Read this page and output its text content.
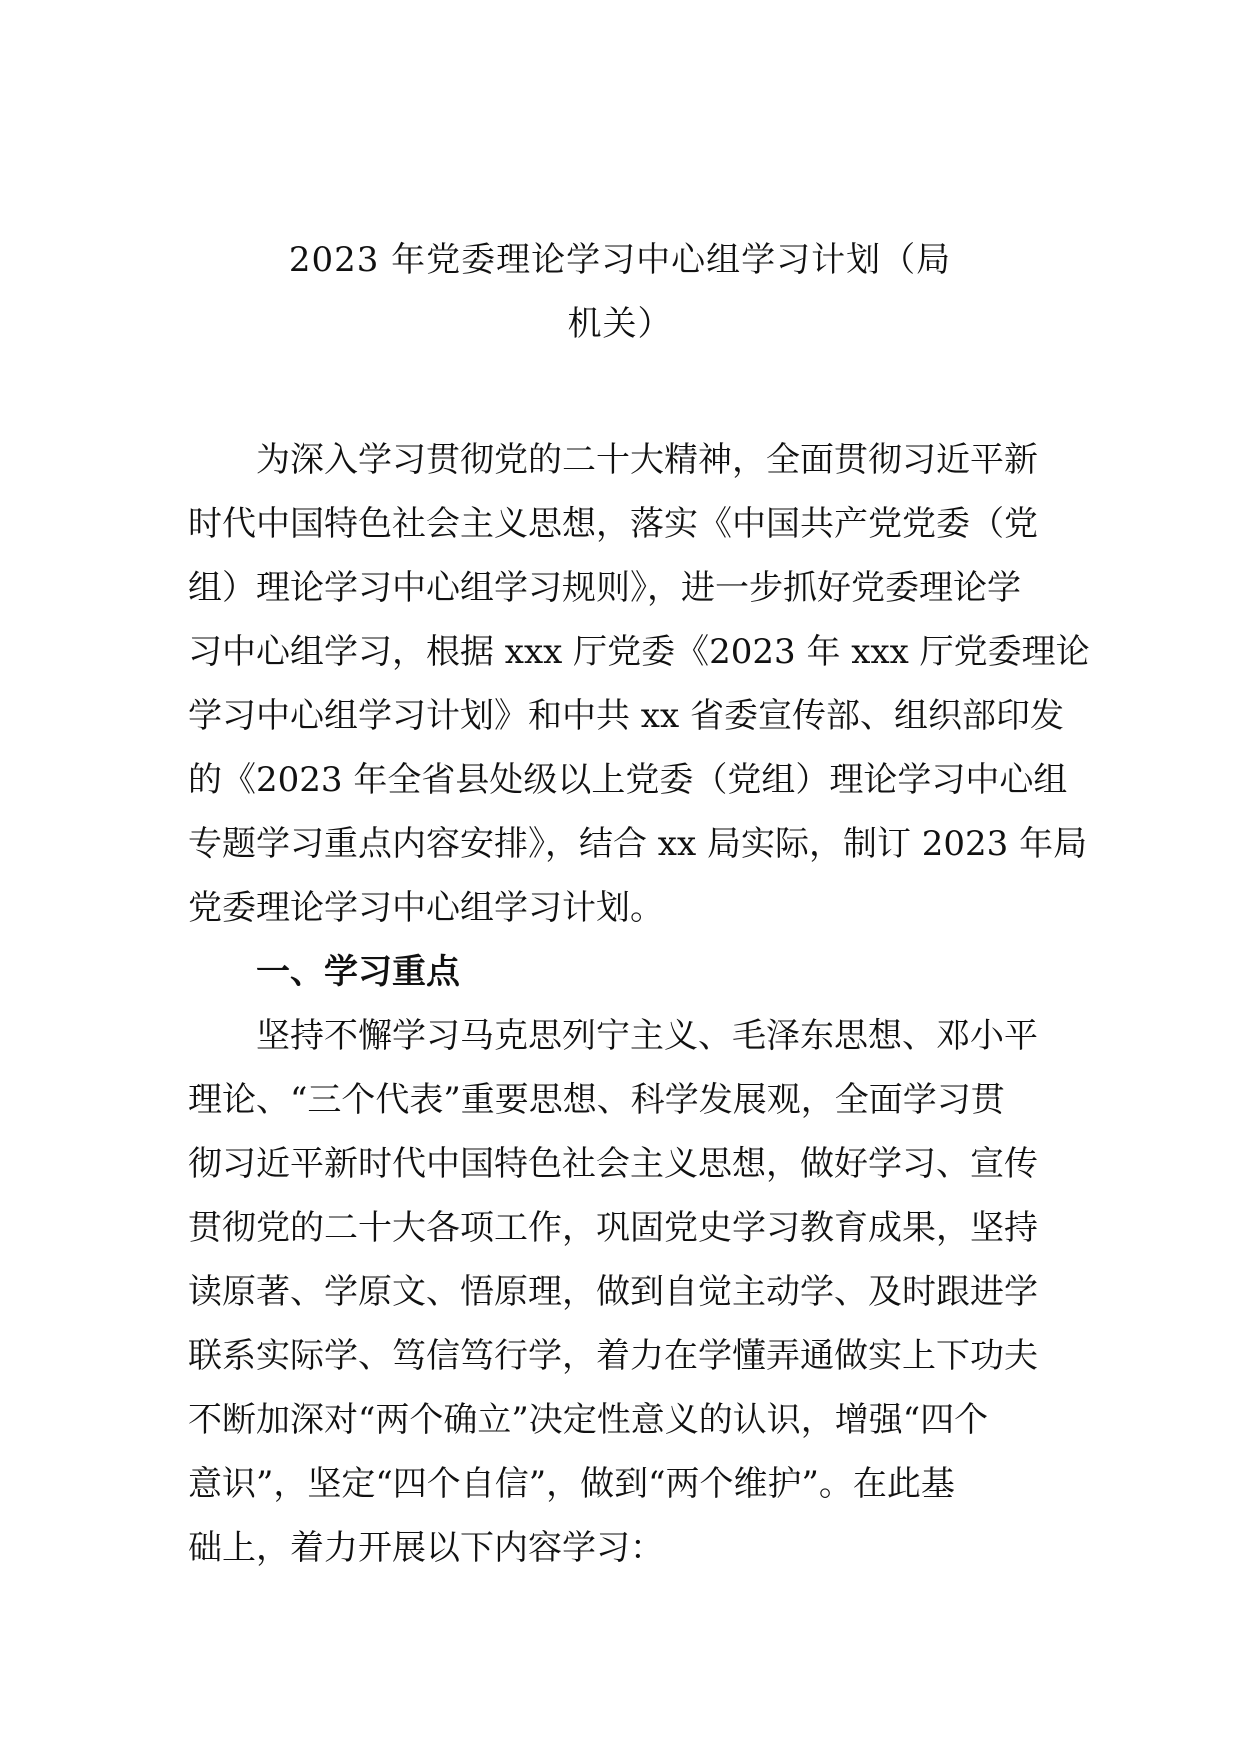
2023 年党委理论学习中心组学习计划（局
机关）
为深入学习贯彻党的二十大精神，全面贯彻习近平新
时代中国特色社会主义思想，落实《中国共产党党委（党
组）理论学习中心组学习规则》，进一步抓好党委理论学
习中心组学习，根据 xxx 厅党委《2023 年 xxx 厅党委理论
学习中心组学习计划》和中共 xx 省委宣传部、组织部印发
的《2023 年全省县处级以上党委（党组）理论学习中心组
专题学习重点内容安排》，结合 xx 局实际，制订 2023 年局
党委理论学习中心组学习计划。
一、学习重点
坚持不懈学习马克思列宁主义、毛泽东思想、邓小平
理论、“三个代表”重要思想、科学发展观，全面学习贯
彻习近平新时代中国特色社会主义思想，做好学习、宣传
贯彻党的二十大各项工作，巩固党史学习教育成果，坚持
读原著、学原文、悟原理，做到自觉主动学、及时跟进学
联系实际学、笃信笃行学，着力在学懂弄通做实上下功夫
不断加深对“两个确立”决定性意义的认识，增强“四个
意识”，坚定“四个自信”，做到“两个维护”。在此基
础上，着力开展以下内容学习：
